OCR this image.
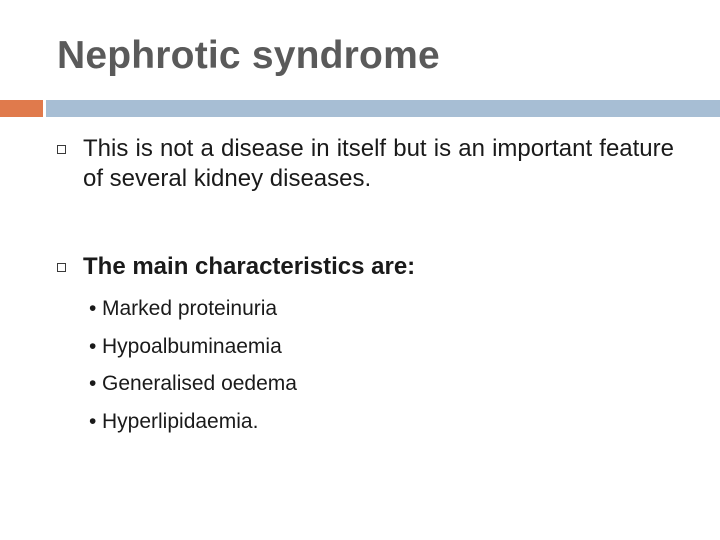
Nephrotic syndrome
This is not a disease in itself but is an important feature of several kidney diseases.
The main characteristics are:
• Marked proteinuria
• Hypoalbuminaemia
• Generalised oedema
• Hyperlipidaemia.
